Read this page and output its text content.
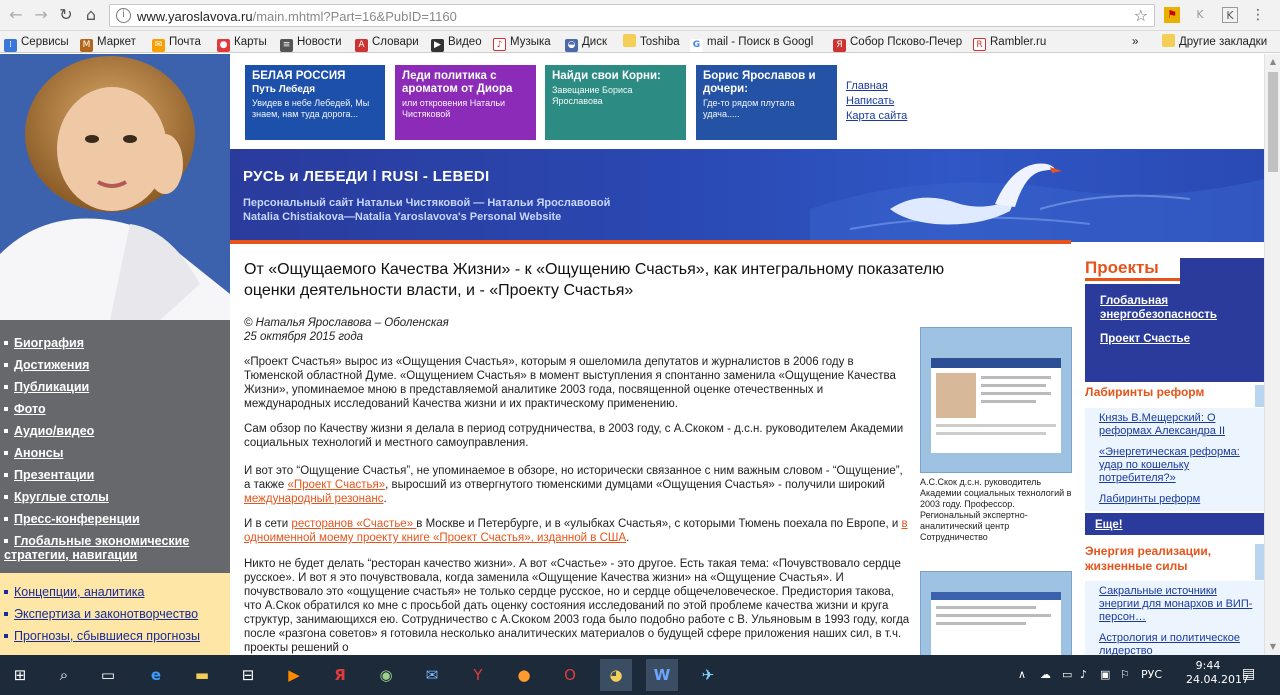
← → ↻ ⌂	i www.yaroslavova.ru/main.mhtml?Part=16&PubID=1160	☆ ⚑	K	K	⋮
⁞ Сервисы М Маркет	✉ Почта ● Карты	≡ Новости	A Словари	▶ Видео	♪ Музыка ◒ Диск	Toshiba	G mail - Поиск в Googl	Я Собор Псково-Печер	R Rambler.ru	»	Другие закладки
Биография
Достижения
Публикации
Фото
Аудио/видео
Анонсы
Презентации
Круглые столы
Пресс-конференции
Глобальные экономические стратегии, навигации
Концепции, аналитика
Экспертиза и законотворчество
Прогнозы, сбывшиеся прогнозы
БЕЛАЯ РОССИЯ
Путь Лебедя
Увидев в небе Лебедей, Мы знаем, нам туда дорога...
Леди политика с ароматом от Диора
или откровения Натальи Чистяковой
Найди свои Корни:
Завещание Бориса Ярославова
Борис Ярославов и дочери:
Где-то рядом плутала удача.....
Главная
Написать
Карта сайта
РУСЬ и ЛЕБЕДИ ǀ RUSI - LEBEDI
Персональный сайт Натальи Чистяковой — Натальи Ярославовой
Natalia Chistiakova—Natalia Yaroslavova's Personal Website
От «Ощущаемого Качества Жизни» - к «Ощущению Счастья», как интегральному показателю оценки деятельности власти, и - «Проекту Счастья»
© Наталья Ярославова – Оболенская
25 октября 2015 года

«Проект Счастья» вырос из «Ощущения Счастья», которым я ошеломила депутатов и журналистов в 2006 году в Тюменской областной Думе. «Ощущением Счастья» в момент выступления я спонтанно заменила «Ощущение Качества Жизни», упоминаемое мною в представляемой аналитике 2003 года, посвященной оценке отечественных и международных исследований Качества жизни и их практическому применению.

Сам обзор по Качеству жизни я делала в период сотрудничества, в 2003 году, с А.Скоком - д.с.н. руководителем Академии социальных технологий и местного самоуправления.

И вот это “Ощущение Счастья”, не упоминаемое в обзоре, но исторически связанное с ним важным словом - “Ощущение”, а также «Проект Счастья», выросший из отвергнутого тюменскими думцами «Ощущения Счастья» - получили широкий международный резонанс.

И в сети ресторанов «Счастье» в Москве и Петербурге, и в «улыбках Счастья», с которыми Тюмень поехала по Европе, и в одноименной моему проекту книге «Проект Счастья», изданной в США.

Никто не будет делать “ресторан качество жизни». А вот «Счастье» - это другое. Есть такая тема: «Почувствовало сердце русское». И вот я это почувствовала, когда заменила «Ощущение Качества жизни» на «Ощущение Счастья». И почувствовало это «ощущение счастья» не только сердце русское, но и сердце общечеловеческое. Предистория такова, что А.Скок обратился ко мне с просьбой дать оценку состояния исследований по этой проблеме качества жизни и круга структур, занимающихся ею. Сотрудничество с А.Скоком 2003 года было подобно работе с В. Ульяновым в 1993 году, когда после «разгона советов» я готовила несколько аналитических материалов о будущей сфере приложения наших сил, в т.ч. проекты решений о

А.С.Скок д.с.н. руководитель Академии социальных технологий в 2003 году. Профессор. Региональный экспертно-аналитический центр Сотрудничество
Проекты
Глобальная энергобезопасность
Проект Счастье
Лабиринты реформ
Князь В.Мещерский: О реформах Александра II
«Энергетическая реформа: удар по кошельку потребителя?»
Лабиринты реформ
Еще!
Энергия реализации, жизненные силы
Сакральные источники энергии для монархов и ВИП-персон…
Астрология и политическое лидерство
▲
▼
⊞	⌕	▭	e	▬	⊟	▶	Я	◉	✉	Y	●	O	◕	W	✈	∧ ☁ ▭ ♪ ▣ ⚐ РУС
9:44
24.04.2017
▤
